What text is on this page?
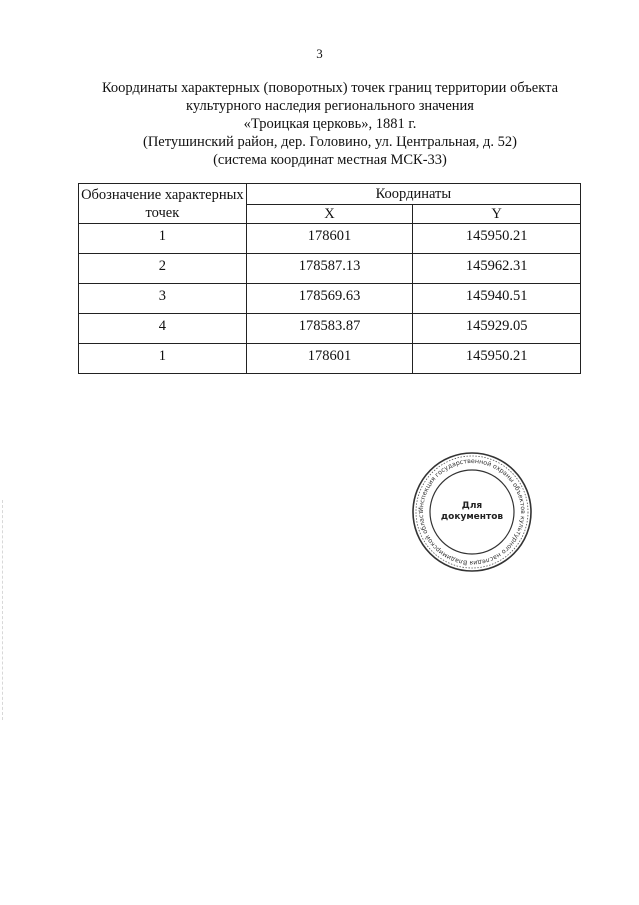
3
Координаты характерных (поворотных) точек границ территории объекта
культурного наследия регионального значения
«Троицкая церковь», 1881 г.
(Петушинский район, дер. Головино, ул. Центральная, д. 52)
(система координат местная МСК-33)
Обозначение характерных точек	Координаты	
	X	Y
1	178601	145950.21
2	178587.13	145962.31
3	178569.63	145940.51
4	178583.87	145929.05
1	178601	145950.21
Инспекция государственной охраны объектов культурного наследия Владимирской област
Для
документов
